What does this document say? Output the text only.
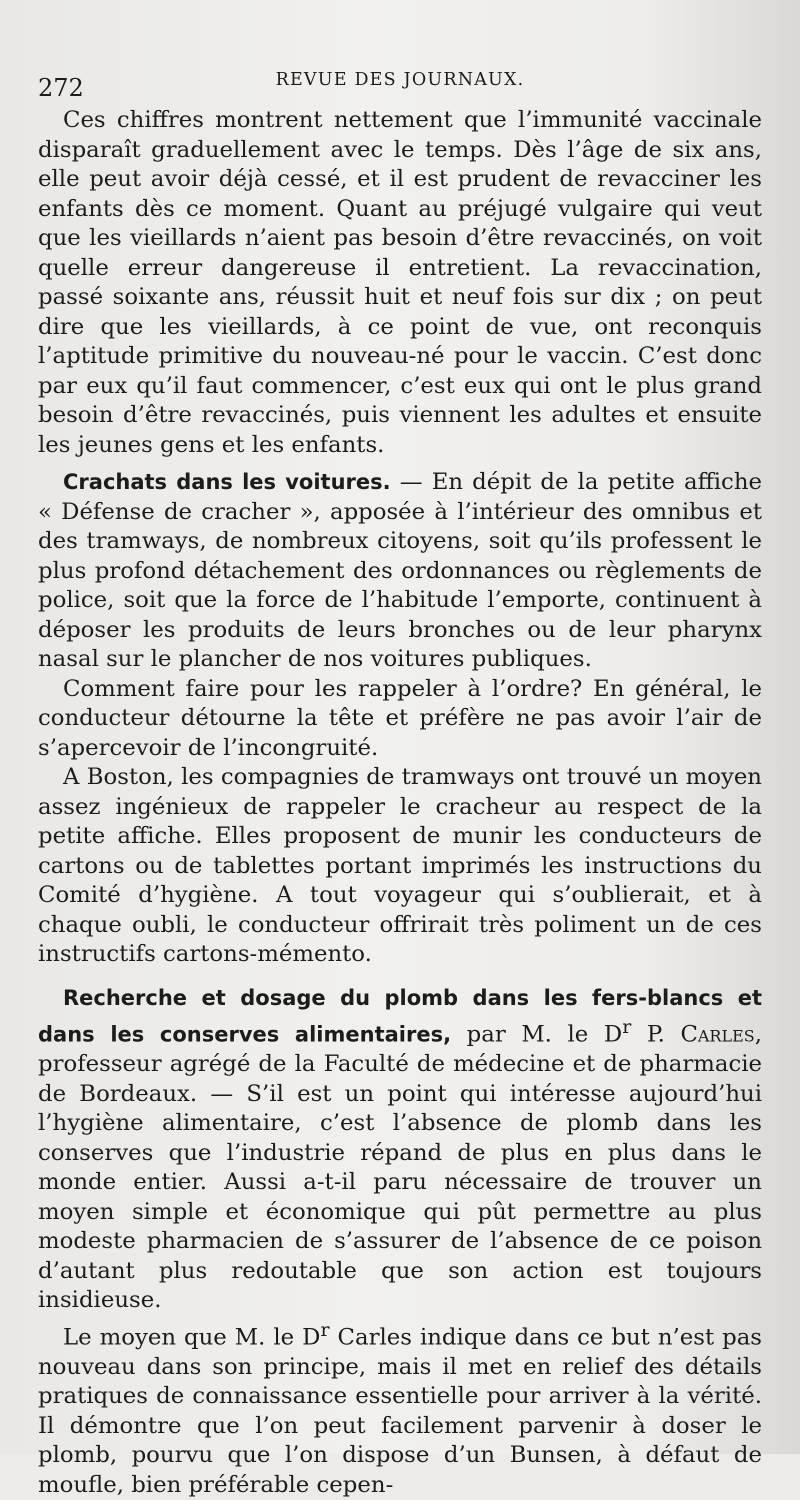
272	REVUE DES JOURNAUX.

Ces chiffres montrent nettement que l’immunité vaccinale disparaît graduellement avec le temps. Dès l’âge de six ans, elle peut avoir déjà cessé, et il est prudent de revacciner les enfants dès ce moment. Quant au préjugé vulgaire qui veut que les vieillards n’aient pas besoin d’être revaccinés, on voit quelle erreur dangereuse il entretient. La revaccination, passé soixante ans, réussit huit et neuf fois sur dix ; on peut dire que les vieillards, à ce point de vue, ont reconquis l’aptitude primitive du nouveau-né pour le vaccin. C’est donc par eux qu’il faut commencer, c’est eux qui ont le plus grand besoin d’être revaccinés, puis viennent les adultes et ensuite les jeunes gens et les enfants.

Crachats dans les voitures. — En dépit de la petite affiche « Défense de cracher », apposée à l’intérieur des omnibus et des tramways, de nombreux citoyens, soit qu’ils professent le plus profond détachement des ordonnances ou règlements de police, soit que la force de l’habitude l’emporte, continuent à déposer les produits de leurs bronches ou de leur pharynx nasal sur le plancher de nos voitures publiques.

Comment faire pour les rappeler à l’ordre? En général, le conducteur détourne la tête et préfère ne pas avoir l’air de s’apercevoir de l’incongruité.

A Boston, les compagnies de tramways ont trouvé un moyen assez ingénieux de rappeler le cracheur au respect de la petite affiche. Elles proposent de munir les conducteurs de cartons ou de tablettes portant imprimés les instructions du Comité d’hygiène. A tout voyageur qui s’oublierait, et à chaque oubli, le conducteur offrirait très poliment un de ces instructifs cartons-mémento.

Recherche et dosage du plomb dans les fers-blancs et dans les conserves alimentaires, par M. le $D^r$ P. Carles, professeur agrégé de la Faculté de médecine et de pharmacie de Bordeaux. — S’il est un point qui intéresse aujourd’hui l’hygiène alimentaire, c’est l’absence de plomb dans les conserves que l’industrie répand de plus en plus dans le monde entier. Aussi a-t-il paru nécessaire de trouver un moyen simple et économique qui pût permettre au plus modeste pharmacien de s’assurer de l’absence de ce poison d’autant plus redoutable que son action est toujours insidieuse.

Le moyen que M. le $D^r$ Carles indique dans ce but n’est pas nouveau dans son principe, mais il met en relief des détails pratiques de connaissance essentielle pour arriver à la vérité. Il démontre que l’on peut facilement parvenir à doser le plomb, pourvu que l’on dispose d’un Bunsen, à défaut de moufle, bien préférable cepen-
